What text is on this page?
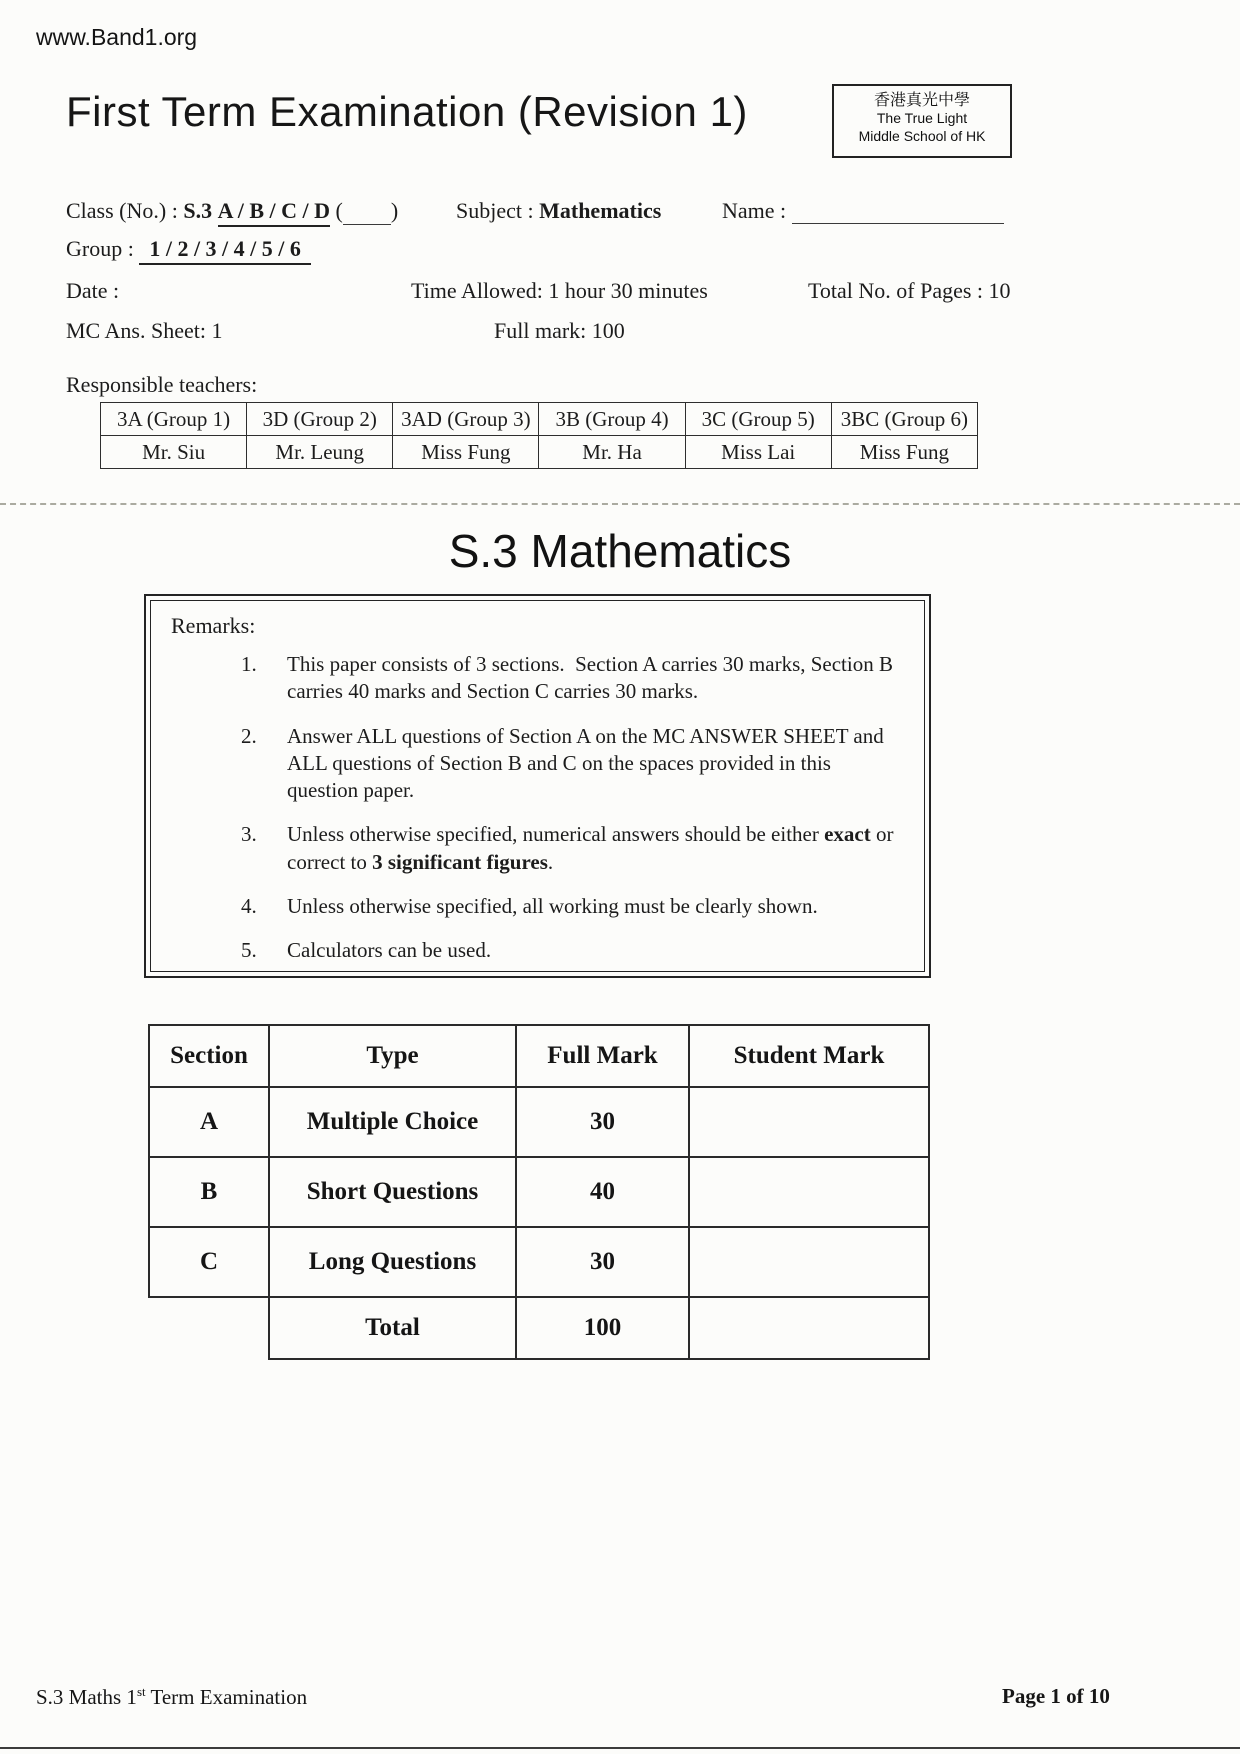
www.Band1.org
First Term Examination (Revision 1)	香港真光中學
The True Light
Middle School of HK
Class (No.) : S.3 A / B / C / D ( )	Subject : Mathematics	Name :
Group : 1 / 2 / 3 / 4 / 5 / 6
Date :	Time Allowed: 1 hour 30 minutes	Total No. of Pages : 10
MC Ans. Sheet: 1	Full mark: 100
Responsible teachers:
3A (Group 1)	3D (Group 2)	3AD (Group 3)	3B (Group 4)	3C (Group 5)	3BC (Group 6)
Mr. Siu	Mr. Leung	Miss Fung	Mr. Ha	Miss Lai	Miss Fung
S.3 Mathematics
Remarks:
1.	This paper consists of 3 sections.  Section A carries 30 marks, Section B carries 40 marks and Section C carries 30 marks.
2.	Answer ALL questions of Section A on the MC ANSWER SHEET and ALL questions of Section B and C on the spaces provided in this question paper.
3.	Unless otherwise specified, numerical answers should be either exact or correct to 3 significant figures.
4.	Unless otherwise specified, all working must be clearly shown.
5.	Calculators can be used.
Section	Type	Full Mark	Student Mark
A	Multiple Choice	30	
B	Short Questions	40	
C	Long Questions	30	
	Total	100	
S.3 Maths 1st Term Examination	Page 1 of 10
